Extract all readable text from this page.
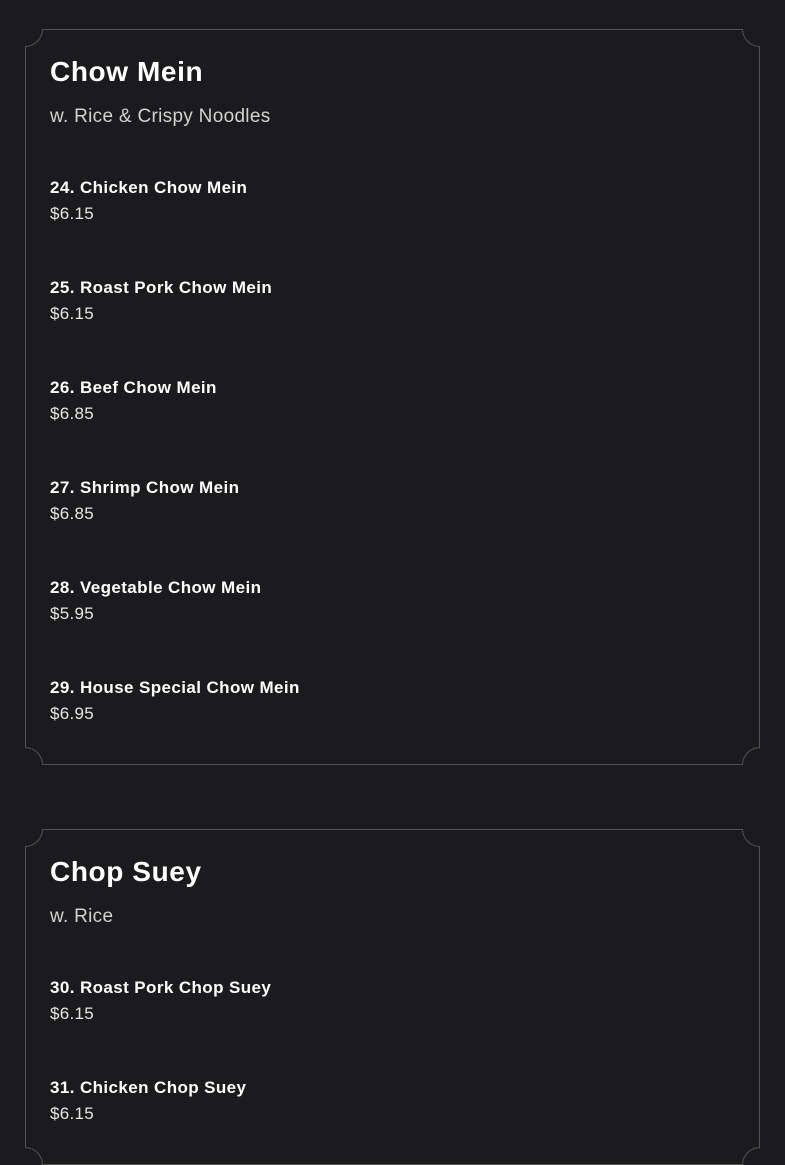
Chow Mein

w. Rice & Crispy Noodles

24. Chicken Chow Mein
$6.15
25. Roast Pork Chow Mein
$6.15
26. Beef Chow Mein
$6.85
27. Shrimp Chow Mein
$6.85
28. Vegetable Chow Mein
$5.95
29. House Special Chow Mein
$6.95
Chop Suey

w. Rice

30. Roast Pork Chop Suey
$6.15
31. Chicken Chop Suey
$6.15
